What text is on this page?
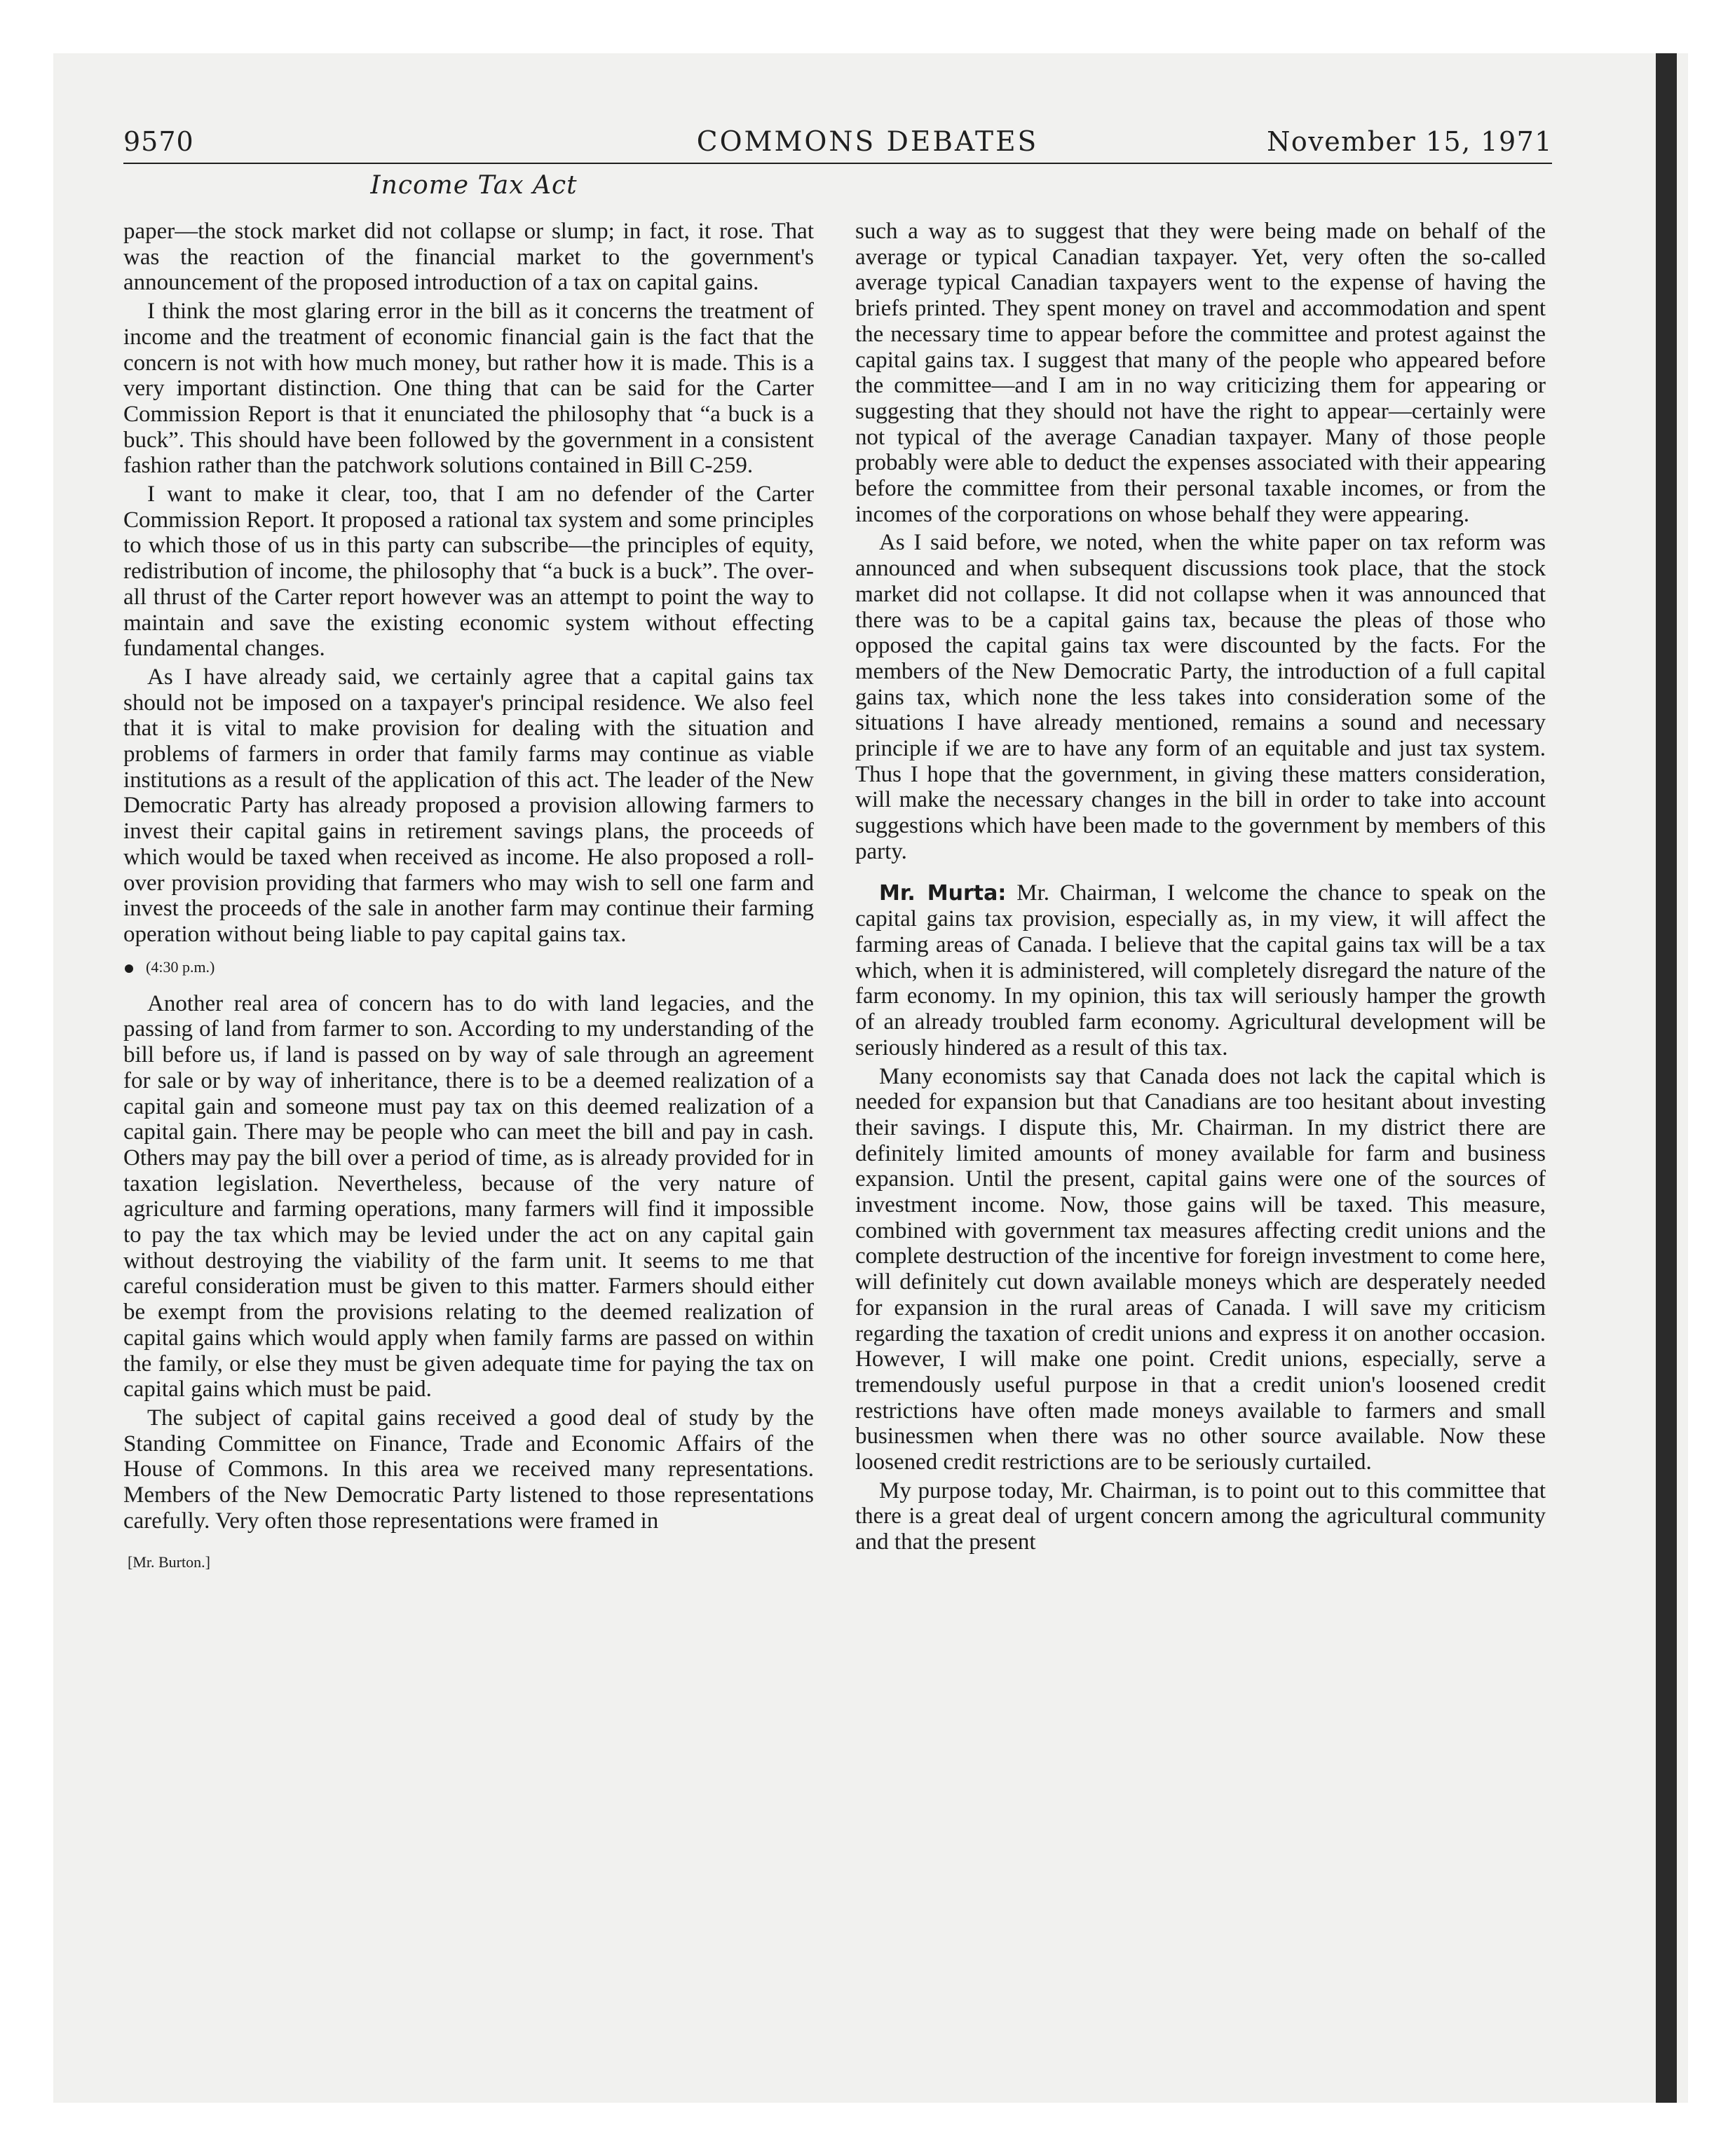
9570	COMMONS DEBATES	November 15, 1971
Income Tax Act

paper—the stock market did not collapse or slump; in fact, it rose. That was the reaction of the financial market to the government's announcement of the proposed introduction of a tax on capital gains.

I think the most glaring error in the bill as it concerns the treatment of income and the treatment of economic financial gain is the fact that the concern is not with how much money, but rather how it is made. This is a very important distinction. One thing that can be said for the Carter Commission Report is that it enunciated the philosophy that “a buck is a buck”. This should have been followed by the government in a consistent fashion rather than the patchwork solutions contained in Bill C-259.

I want to make it clear, too, that I am no defender of the Carter Commission Report. It proposed a rational tax system and some principles to which those of us in this party can subscribe—the principles of equity, redistribution of income, the philosophy that “a buck is a buck”. The over-all thrust of the Carter report however was an attempt to point the way to maintain and save the existing economic system without effecting fundamental changes.

As I have already said, we certainly agree that a capital gains tax should not be imposed on a taxpayer's principal residence. We also feel that it is vital to make provision for dealing with the situation and problems of farmers in order that family farms may continue as viable institutions as a result of the application of this act. The leader of the New Democratic Party has already proposed a provision allowing farmers to invest their capital gains in retirement savings plans, the proceeds of which would be taxed when received as income. He also proposed a roll-over provision providing that farmers who may wish to sell one farm and invest the proceeds of the sale in another farm may continue their farming operation without being liable to pay capital gains tax.

(4:30 p.m.)

Another real area of concern has to do with land legacies, and the passing of land from farmer to son. According to my understanding of the bill before us, if land is passed on by way of sale through an agreement for sale or by way of inheritance, there is to be a deemed realization of a capital gain and someone must pay tax on this deemed realization of a capital gain. There may be people who can meet the bill and pay in cash. Others may pay the bill over a period of time, as is already provided for in taxation legislation. Nevertheless, because of the very nature of agriculture and farming operations, many farmers will find it impossible to pay the tax which may be levied under the act on any capital gain without destroying the viability of the farm unit. It seems to me that careful consideration must be given to this matter. Farmers should either be exempt from the provisions relating to the deemed realization of capital gains which would apply when family farms are passed on within the family, or else they must be given adequate time for paying the tax on capital gains which must be paid.

The subject of capital gains received a good deal of study by the Standing Committee on Finance, Trade and Economic Affairs of the House of Commons. In this area we received many representations. Members of the New Democratic Party listened to those representations carefully. Very often those representations were framed in

[Mr. Burton.]

such a way as to suggest that they were being made on behalf of the average or typical Canadian taxpayer. Yet, very often the so-called average typical Canadian taxpayers went to the expense of having the briefs printed. They spent money on travel and accommodation and spent the necessary time to appear before the committee and protest against the capital gains tax. I suggest that many of the people who appeared before the committee—and I am in no way criticizing them for appearing or suggesting that they should not have the right to appear—certainly were not typical of the average Canadian taxpayer. Many of those people probably were able to deduct the expenses associated with their appearing before the committee from their personal taxable incomes, or from the incomes of the corporations on whose behalf they were appearing.

As I said before, we noted, when the white paper on tax reform was announced and when subsequent discussions took place, that the stock market did not collapse. It did not collapse when it was announced that there was to be a capital gains tax, because the pleas of those who opposed the capital gains tax were discounted by the facts. For the members of the New Democratic Party, the introduction of a full capital gains tax, which none the less takes into consideration some of the situations I have already mentioned, remains a sound and necessary principle if we are to have any form of an equitable and just tax system. Thus I hope that the government, in giving these matters consideration, will make the necessary changes in the bill in order to take into account suggestions which have been made to the government by members of this party.

Mr. Murta: Mr. Chairman, I welcome the chance to speak on the capital gains tax provision, especially as, in my view, it will affect the farming areas of Canada. I believe that the capital gains tax will be a tax which, when it is administered, will completely disregard the nature of the farm economy. In my opinion, this tax will seriously hamper the growth of an already troubled farm economy. Agricultural development will be seriously hindered as a result of this tax.

Many economists say that Canada does not lack the capital which is needed for expansion but that Canadians are too hesitant about investing their savings. I dispute this, Mr. Chairman. In my district there are definitely limited amounts of money available for farm and business expansion. Until the present, capital gains were one of the sources of investment income. Now, those gains will be taxed. This measure, combined with government tax measures affecting credit unions and the complete destruction of the incentive for foreign investment to come here, will definitely cut down available moneys which are desperately needed for expansion in the rural areas of Canada. I will save my criticism regarding the taxation of credit unions and express it on another occasion. However, I will make one point. Credit unions, especially, serve a tremendously useful purpose in that a credit union's loosened credit restrictions have often made moneys available to farmers and small businessmen when there was no other source available. Now these loosened credit restrictions are to be seriously curtailed.

My purpose today, Mr. Chairman, is to point out to this committee that there is a great deal of urgent concern among the agricultural community and that the present
